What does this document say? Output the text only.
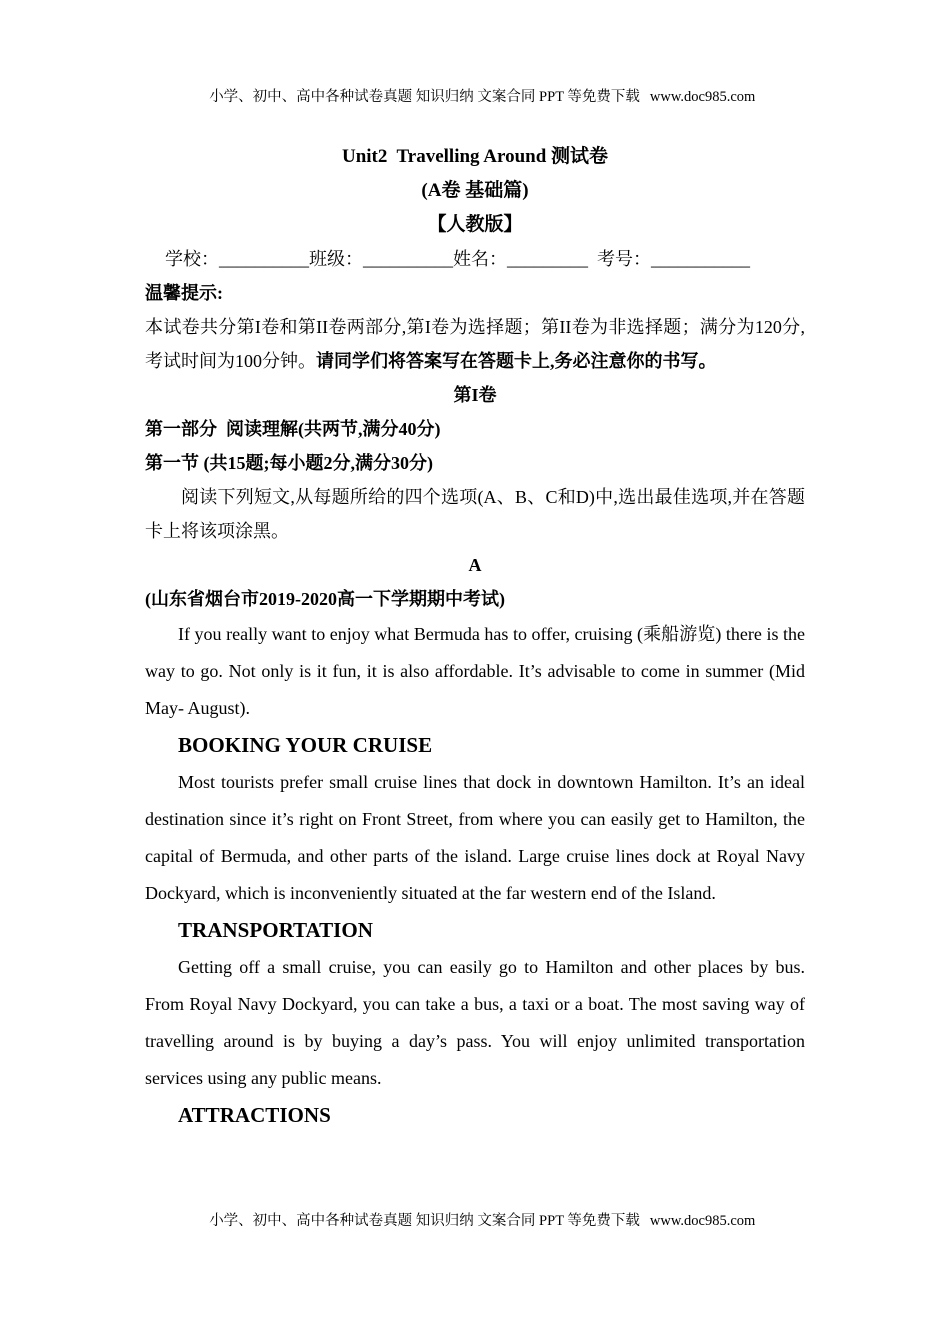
小学、初中、高中各种试卷真题 知识归纳 文案合同 PPT 等免费下载 www.doc985.com

Unit2  Travelling Around 测试卷
(A卷 基础篇)
【人教版】
学校：__________班级：__________姓名：_________  考号：___________
温馨提示:
本试卷共分第I卷和第II卷两部分,第I卷为选择题；第II卷为非选择题；满分为120分,考试时间为100分钟。请同学们将答案写在答题卡上,务必注意你的书写。
第I卷
第一部分  阅读理解(共两节,满分40分)
第一节 (共15题;每小题2分,满分30分)
阅读下列短文,从每题所给的四个选项(A、B、C和D)中,选出最佳选项,并在答题卡上将该项涂黑。
A
(山东省烟台市2019-2020高一下学期期中考试)

If you really want to enjoy what Bermuda has to offer, cruising (乘船游览) there is the way to go. Not only is it fun, it is also affordable. It’s advisable to come in summer (Mid May- August).

BOOKING YOUR CRUISE

Most tourists prefer small cruise lines that dock in downtown Hamilton. It’s an ideal destination since it’s right on Front Street, from where you can easily get to Hamilton, the capital of Bermuda, and other parts of the island. Large cruise lines dock at Royal Navy Dockyard, which is inconveniently situated at the far western end of the Island.

TRANSPORTATION

Getting off a small cruise, you can easily go to Hamilton and other places by bus. From Royal Navy Dockyard, you can take a bus, a taxi or a boat. The most saving way of travelling around is by buying a day’s pass. You will enjoy unlimited transportation services using any public means.

ATTRACTIONS

小学、初中、高中各种试卷真题 知识归纳 文案合同 PPT 等免费下载 www.doc985.com
